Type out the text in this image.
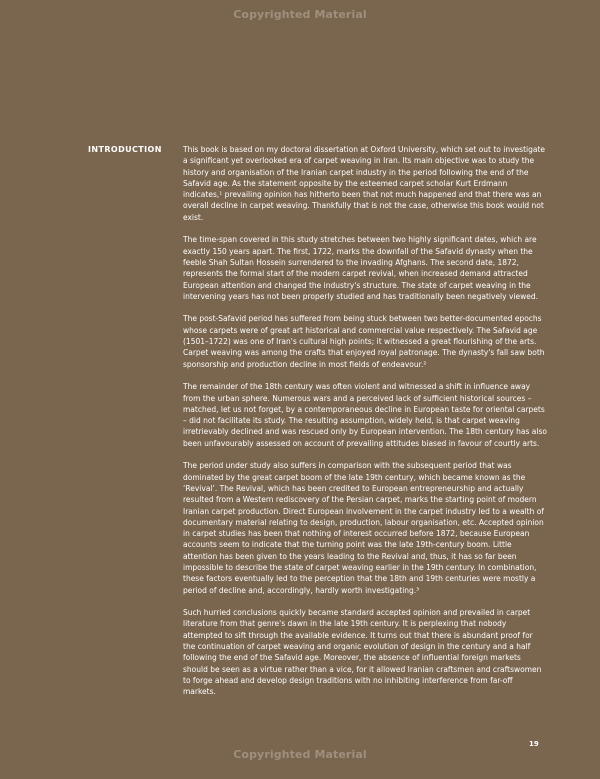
Copyrighted Material
INTRODUCTION	This book is based on my doctoral dissertation at Oxford University, which set out to investigate a significant yet overlooked era of carpet weaving in Iran. Its main objective was to study the history and organisation of the Iranian carpet industry in the period following the end of the Safavid age. As the statement opposite by the esteemed carpet scholar Kurt Erdmann indicates,¹ prevailing opinion has hitherto been that not much happened and that there was an overall decline in carpet weaving. Thankfully that is not the case, otherwise this book would not exist.

The time-span covered in this study stretches between two highly significant dates, which are exactly 150 years apart. The first, 1722, marks the downfall of the Safavid dynasty when the feeble Shah Sultan Hossein surrendered to the invading Afghans. The second date, 1872, represents the formal start of the modern carpet revival, when increased demand attracted European attention and changed the industry's structure. The state of carpet weaving in the intervening years has not been properly studied and has traditionally been negatively viewed.

The post-Safavid period has suffered from being stuck between two better-documented epochs whose carpets were of great art historical and commercial value respectively. The Safavid age (1501–1722) was one of Iran's cultural high points; it witnessed a great flourishing of the arts. Carpet weaving was among the crafts that enjoyed royal patronage. The dynasty's fall saw both sponsorship and production decline in most fields of endeavour.²

The remainder of the 18th century was often violent and witnessed a shift in influence away from the urban sphere. Numerous wars and a perceived lack of sufficient historical sources – matched, let us not forget, by a contemporaneous decline in European taste for oriental carpets – did not facilitate its study. The resulting assumption, widely held, is that carpet weaving irretrievably declined and was rescued only by European intervention. The 18th century has also been unfavourably assessed on account of prevailing attitudes biased in favour of courtly arts.

The period under study also suffers in comparison with the subsequent period that was dominated by the great carpet boom of the late 19th century, which became known as the ‘Revival’. The Revival, which has been credited to European entrepreneurship and actually resulted from a Western rediscovery of the Persian carpet, marks the starting point of modern Iranian carpet production. Direct European involvement in the carpet industry led to a wealth of documentary material relating to design, production, labour organisation, etc. Accepted opinion in carpet studies has been that nothing of interest occurred before 1872, because European accounts seem to indicate that the turning point was the late 19th-century boom. Little attention has been given to the years leading to the Revival and, thus, it has so far been impossible to describe the state of carpet weaving earlier in the 19th century. In combination, these factors eventually led to the perception that the 18th and 19th centuries were mostly a period of decline and, accordingly, hardly worth investigating.³

Such hurried conclusions quickly became standard accepted opinion and prevailed in carpet literature from that genre's dawn in the late 19th century. It is perplexing that nobody attempted to sift through the available evidence. It turns out that there is abundant proof for the continuation of carpet weaving and organic evolution of design in the century and a half following the end of the Safavid age. Moreover, the absence of influential foreign markets should be seen as a virtue rather than a vice, for it allowed Iranian craftsmen and craftswomen to forge ahead and develop design traditions with no inhibiting interference from far-off markets.

19
Copyrighted Material
